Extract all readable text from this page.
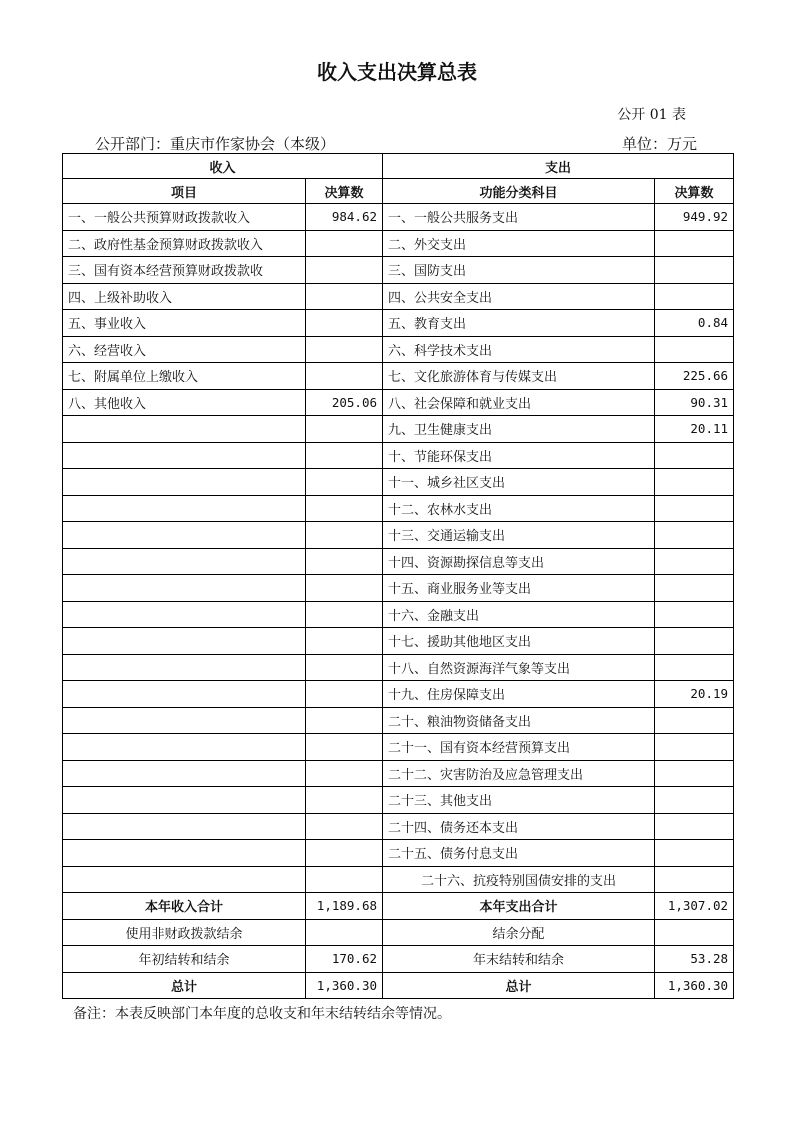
收入支出决算总表
公开 01 表
公开部门：重庆市作家协会（本级）	单位：万元
收入		支出	
项目	决算数	功能分类科目	决算数
一、一般公共预算财政拨款收入	984.62	一、一般公共服务支出	949.92
二、政府性基金预算财政拨款收入		二、外交支出	
三、国有资本经营预算财政拨款收		三、国防支出	
四、上级补助收入		四、公共安全支出	
五、事业收入		五、教育支出	0.84
六、经营收入		六、科学技术支出	
七、附属单位上缴收入		七、文化旅游体育与传媒支出	225.66
八、其他收入	205.06	八、社会保障和就业支出	90.31
		九、卫生健康支出	20.11
		十、节能环保支出	
		十一、城乡社区支出	
		十二、农林水支出	
		十三、交通运输支出	
		十四、资源勘探信息等支出	
		十五、商业服务业等支出	
		十六、金融支出	
		十七、援助其他地区支出	
		十八、自然资源海洋气象等支出	
		十九、住房保障支出	20.19
		二十、粮油物资储备支出	
		二十一、国有资本经营预算支出	
		二十二、灾害防治及应急管理支出	
		二十三、其他支出	
		二十四、债务还本支出	
		二十五、债务付息支出	
		二十六、抗疫特别国债安排的支出	
本年收入合计	1,189.68	本年支出合计	1,307.02
使用非财政拨款结余		结余分配	
年初结转和结余	170.62	年末结转和结余	53.28
总计	1,360.30	总计	1,360.30
备注：本表反映部门本年度的总收支和年末结转结余等情况。
